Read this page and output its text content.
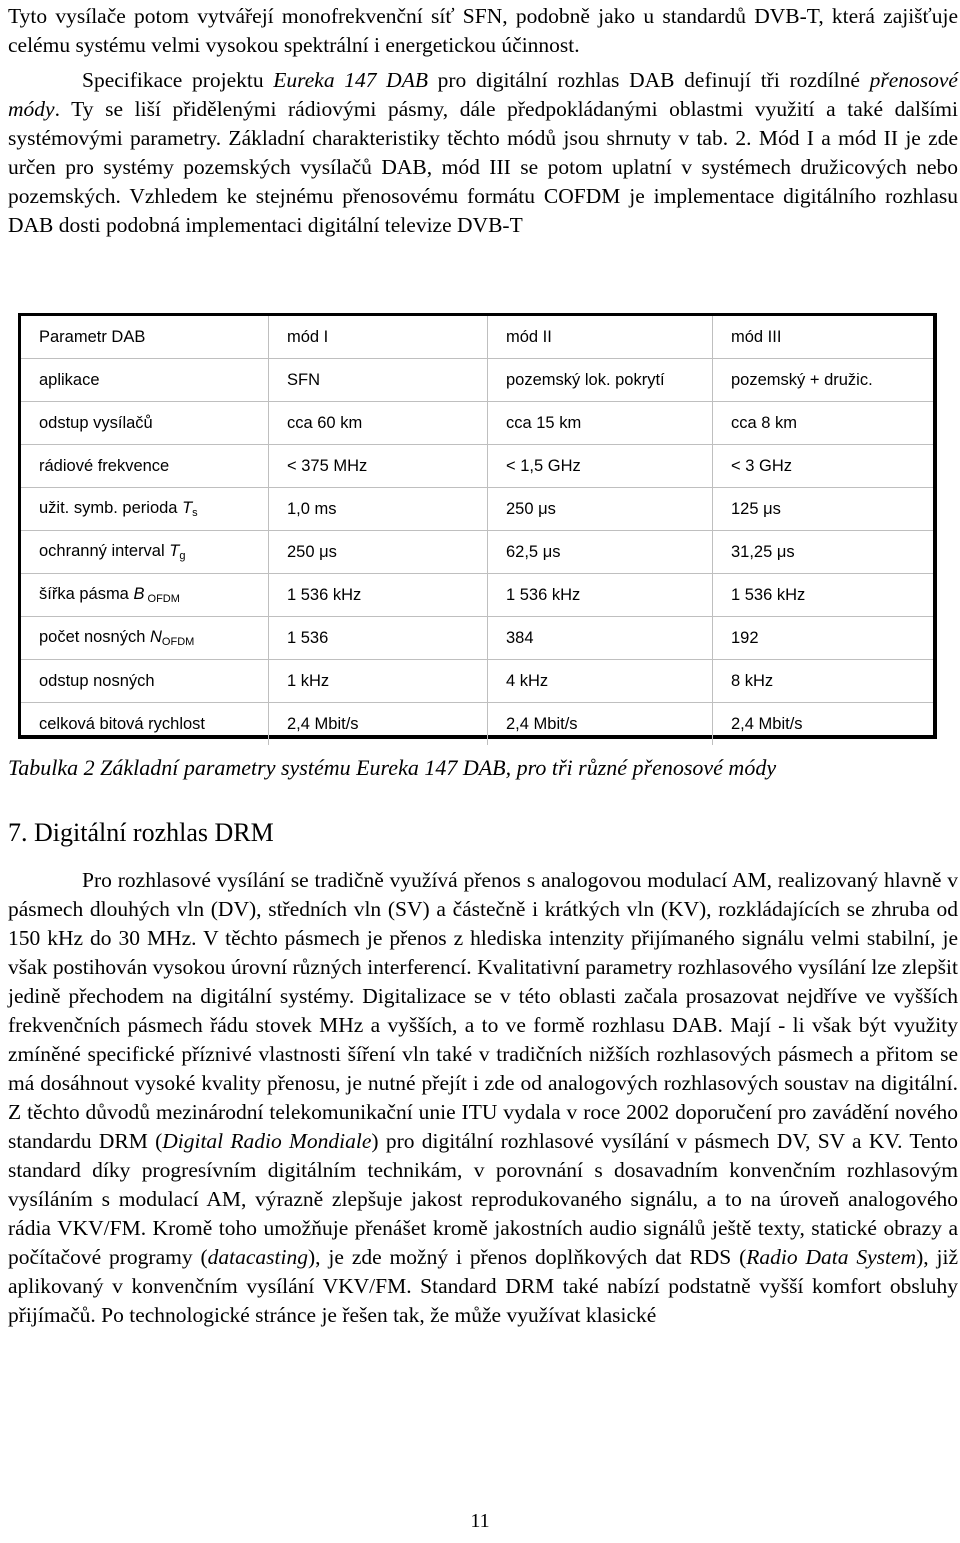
Tyto vysílače potom vytvářejí monofrekvenční síť SFN, podobně jako u standardů DVB-T, která zajišťuje celému systému velmi vysokou spektrální i energetickou účinnost.

Specifikace projektu Eureka 147 DAB pro digitální rozhlas DAB definují tři rozdílné přenosové módy. Ty se liší přidělenými rádiovými pásmy, dále předpokládanými oblastmi využití a také dalšími systémovými parametry. Základní charakteristiky těchto módů jsou shrnuty v tab. 2. Mód I a mód II je zde určen pro systémy pozemských vysílačů DAB, mód III se potom uplatní v systémech družicových nebo pozemských. Vzhledem ke stejnému přenosovému formátu COFDM je implementace digitálního rozhlasu DAB dosti podobná implementaci digitální televize DVB-T

Parametr DAB	mód I	mód II	mód III
aplikace	SFN	pozemský lok. pokrytí	pozemský + družic.
odstup vysílačů	cca 60 km	cca 15 km	cca 8 km
rádiové frekvence	< 375 MHz	< 1,5 GHz	< 3 GHz
užit. symb. perioda $T_s$	1,0 ms	250 μs	125 μs
ochranný interval $T_g$	250 μs	62,5 μs	31,25 μs
šířka pásma B $_{OFDM}$	1 536 kHz	1 536 kHz	1 536 kHz
počet nosných $N_{OFDM}$	1 536	384	192
odstup nosných	1 kHz	4 kHz	8 kHz
celková bitová rychlost	2,4 Mbit/s	2,4 Mbit/s	2,4 Mbit/s

Tabulka 2 Základní parametry systému Eureka 147 DAB, pro tři různé přenosové módy

7. Digitální rozhlas DRM

Pro rozhlasové vysílání se tradičně využívá přenos s analogovou modulací AM, realizovaný hlavně v pásmech dlouhých vln (DV), středních vln (SV) a částečně i krátkých vln (KV), rozkládajících se zhruba od 150 kHz do 30 MHz. V těchto pásmech je přenos z hlediska intenzity přijímaného signálu velmi stabilní, je však postihován vysokou úrovní různých interferencí. Kvalitativní parametry rozhlasového vysílání lze zlepšit jedině přechodem na digitální systémy. Digitalizace se v této oblasti začala prosazovat nejdříve ve vyšších frekvenčních pásmech řádu stovek MHz a vyšších, a to ve formě rozhlasu DAB. Mají - li však být využity zmíněné specifické příznivé vlastnosti šíření vln také v tradičních nižších rozhlasových pásmech a přitom se má dosáhnout vysoké kvality přenosu, je nutné přejít i zde od analogových rozhlasových soustav na digitální. Z těchto důvodů mezinárodní telekomunikační unie ITU vydala v roce 2002 doporučení pro zavádění nového standardu DRM (Digital Radio Mondiale) pro digitální rozhlasové vysílání v pásmech DV, SV a KV. Tento standard díky progresívním digitálním technikám, v porovnání s dosavadním konvenčním rozhlasovým vysíláním s modulací AM, výrazně zlepšuje jakost reprodukovaného signálu, a to na úroveň analogového rádia VKV/FM. Kromě toho umožňuje přenášet kromě jakostních audio signálů ještě texty, statické obrazy a počítačové programy (datacasting), je zde možný i přenos doplňkových dat RDS (Radio Data System), již aplikovaný v konvenčním vysílání VKV/FM. Standard DRM také nabízí podstatně vyšší komfort obsluhy přijímačů. Po technologické stránce je řešen tak, že může využívat klasické

11
